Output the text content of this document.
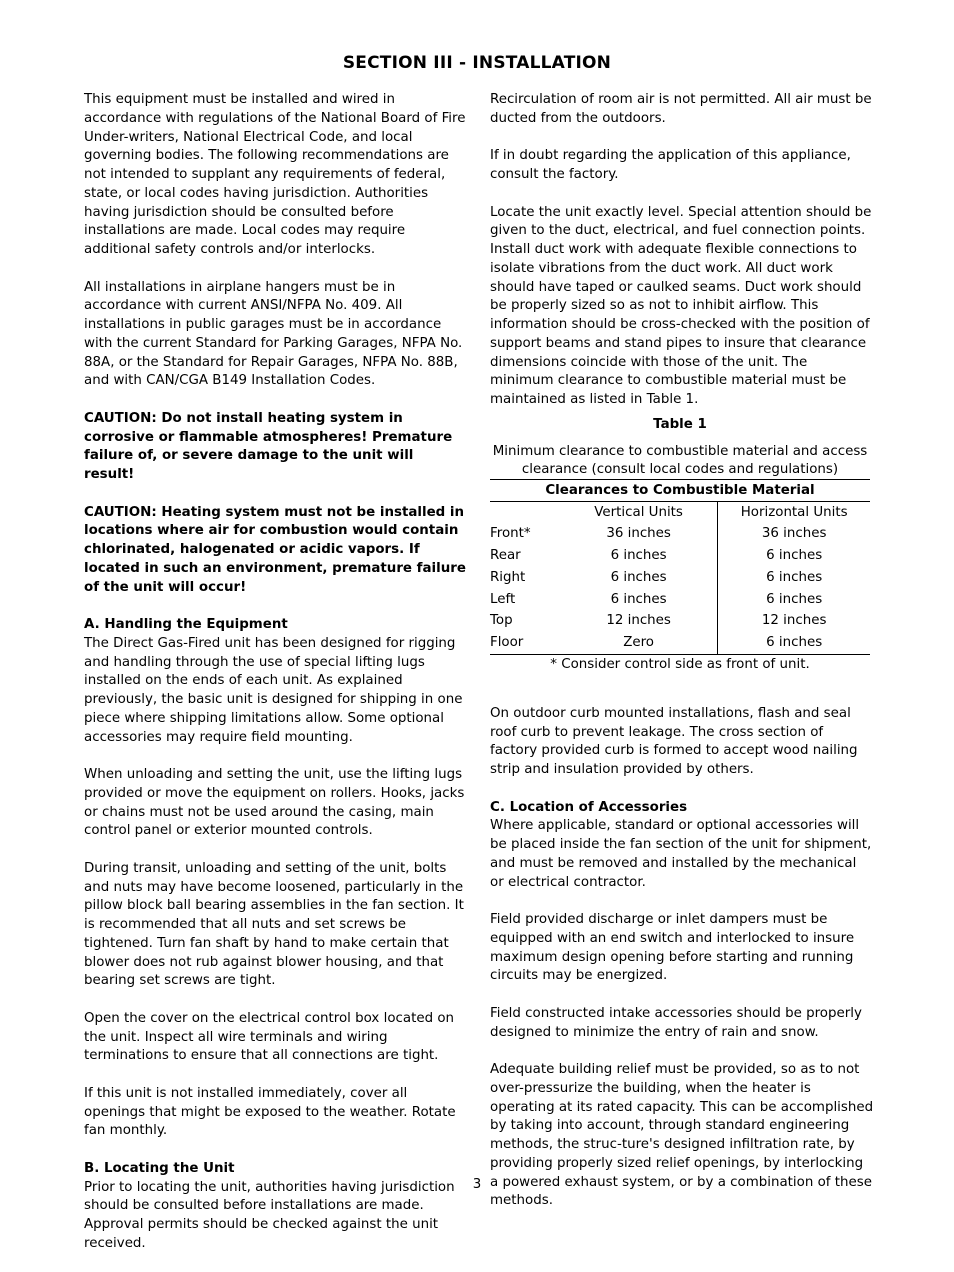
SECTION III - INSTALLATION

This equipment must be installed and wired in accordance with regulations of the National Board of Fire Under-writers, National Electrical Code, and local governing bodies. The following recommendations are not intended to supplant any requirements of federal, state, or local codes having jurisdiction. Authorities having jurisdiction should be consulted before installations are made. Local codes may require additional safety controls and/or interlocks.

All installations in airplane hangers must be in accordance with current ANSI/NFPA No. 409. All installations in public garages must be in accordance with the current Standard for Parking Garages, NFPA No. 88A, or the Standard for Repair Garages, NFPA No. 88B, and with CAN/CGA B149 Installation Codes.

CAUTION: Do not install heating system in corrosive or flammable atmospheres! Premature failure of, or severe damage to the unit will result!

CAUTION: Heating system must not be installed in locations where air for combustion would contain chlorinated, halogenated or acidic vapors. If located in such an environment, premature failure of the unit will occur!

A. Handling the Equipment

The Direct Gas-Fired unit has been designed for rigging and handling through the use of special lifting lugs installed on the ends of each unit. As explained previously, the basic unit is designed for shipping in one piece where shipping limitations allow. Some optional accessories may require field mounting.

When unloading and setting the unit, use the lifting lugs provided or move the equipment on rollers. Hooks, jacks or chains must not be used around the casing, main control panel or exterior mounted controls.

During transit, unloading and setting of the unit, bolts and nuts may have become loosened, particularly in the pillow block ball bearing assemblies in the fan section. It is recommended that all nuts and set screws be tightened. Turn fan shaft by hand to make certain that blower does not rub against blower housing, and that bearing set screws are tight.

Open the cover on the electrical control box located on the unit. Inspect all wire terminals and wiring terminations to ensure that all connections are tight.

If this unit is not installed immediately, cover all openings that might be exposed to the weather. Rotate fan monthly.

B. Locating the Unit

Prior to locating the unit, authorities having jurisdiction should be consulted before installations are made. Approval permits should be checked against the unit received.

Recirculation of room air is not permitted. All air must be ducted from the outdoors.

If in doubt regarding the application of this appliance, consult the factory.

Locate the unit exactly level. Special attention should be given to the duct, electrical, and fuel connection points. Install duct work with adequate flexible connections to isolate vibrations from the duct work. All duct work should have taped or caulked seams. Duct work should be properly sized so as not to inhibit airflow. This information should be cross-checked with the position of support beams and stand pipes to insure that clearance dimensions coincide with those of the unit. The minimum clearance to combustible material must be maintained as listed in Table 1.

Table 1
Minimum clearance to combustible material and access clearance (consult local codes and regulations)
Clearances to Combustible Material		
	Vertical Units	Horizontal Units
Front*	36 inches	36 inches
Rear	6 inches	6 inches
Right	6 inches	6 inches
Left	6 inches	6 inches
Top	12 inches	12 inches
Floor	Zero	6 inches
* Consider control side as front of unit.

On outdoor curb mounted installations, flash and seal roof curb to prevent leakage. The cross section of factory provided curb is formed to accept wood nailing strip and insulation provided by others.

C. Location of Accessories

Where applicable, standard or optional accessories will be placed inside the fan section of the unit for shipment, and must be removed and installed by the mechanical or electrical contractor.

Field provided discharge or inlet dampers must be equipped with an end switch and interlocked to insure maximum design opening before starting and running circuits may be energized.

Field constructed intake accessories should be properly designed to minimize the entry of rain and snow.

Adequate building relief must be provided, so as to not over-pressurize the building, when the heater is operating at its rated capacity. This can be accomplished by taking into account, through standard engineering methods, the struc-ture's designed infiltration rate, by providing properly sized relief openings, by interlocking a powered exhaust system, or by a combination of these methods.

3
